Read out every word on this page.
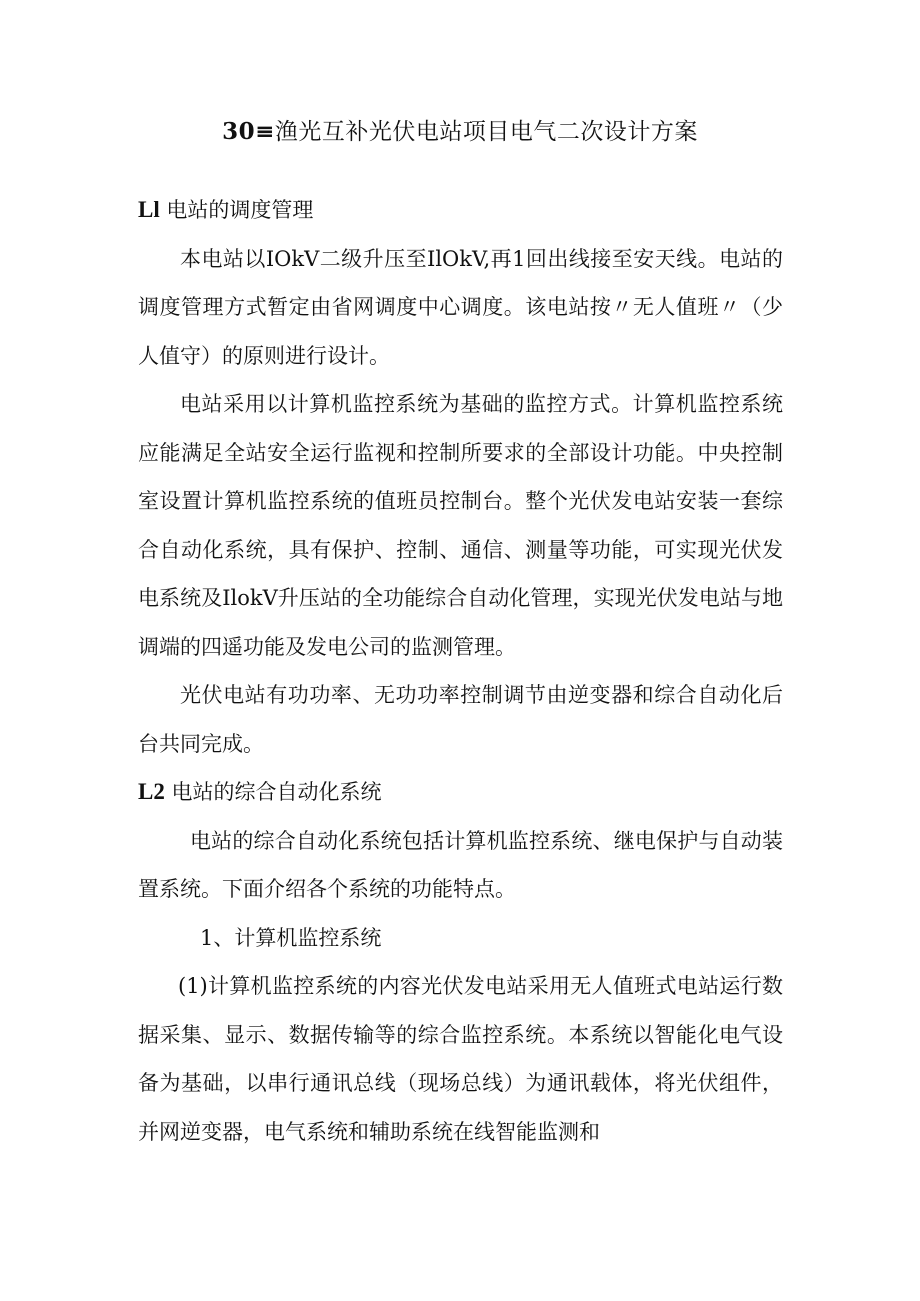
30≡渔光互补光伏电站项目电气二次设计方案

Ll 电站的调度管理

本电站以IOkV二级升压至IlOkV,再1回出线接至安天线。电站的调度管理方式暂定由省网调度中心调度。该电站按〃无人值班〃（少人值守）的原则进行设计。

电站采用以计算机监控系统为基础的监控方式。计算机监控系统应能满足全站安全运行监视和控制所要求的全部设计功能。中央控制室设置计算机监控系统的值班员控制台。整个光伏发电站安装一套综合自动化系统，具有保护、控制、通信、测量等功能，可实现光伏发电系统及IlokV升压站的全功能综合自动化管理，实现光伏发电站与地调端的四遥功能及发电公司的监测管理。

光伏电站有功功率、无功功率控制调节由逆变器和综合自动化后台共同完成。

L2 电站的综合自动化系统

电站的综合自动化系统包括计算机监控系统、继电保护与自动装置系统。下面介绍各个系统的功能特点。

1、计算机监控系统

(1)计算机监控系统的内容光伏发电站采用无人值班式电站运行数据采集、显示、数据传输等的综合监控系统。本系统以智能化电气设备为基础，以串行通讯总线（现场总线）为通讯载体，将光伏组件，并网逆变器，电气系统和辅助系统在线智能监测和
